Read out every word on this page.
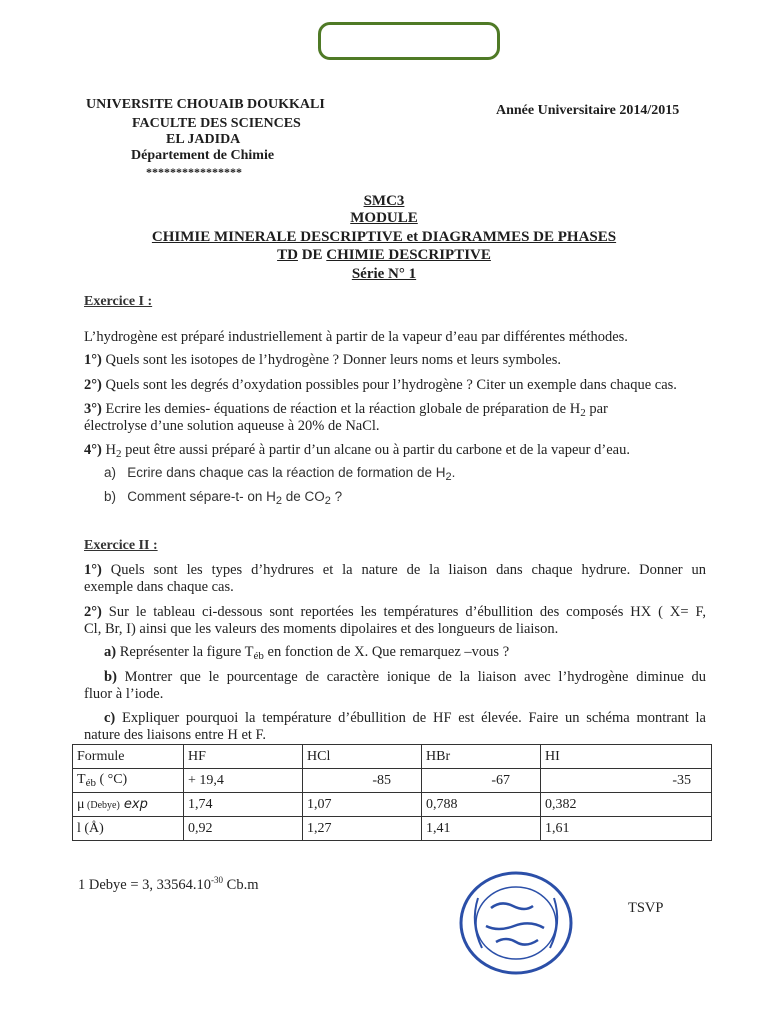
UNIVERSITE CHOUAIB DOUKKALI
FACULTE DES SCIENCES
EL JADIDA
Département de Chimie
****************
Année Universitaire 2014/2015
SMC3
MODULE
CHIMIE MINERALE DESCRIPTIVE et DIAGRAMMES DE PHASES
TD DE CHIMIE DESCRIPTIVE
Série N° 1
Exercice I :
L’hydrogène est préparé industriellement à partir de la vapeur d’eau par différentes méthodes.
1°) Quels sont les isotopes de l’hydrogène ? Donner leurs noms et leurs symboles.
2°) Quels sont les degrés d’oxydation possibles pour l’hydrogène ? Citer un exemple dans chaque cas.
3°) Ecrire les demies- équations de réaction et la réaction globale de préparation de $H_2$ par
électrolyse d’une solution aqueuse à 20% de NaCl.
4°) $H_2$ peut être aussi préparé à partir d’un alcane ou à partir du carbone et de la vapeur d’eau.
a) Ecrire dans chaque cas la réaction de formation de $H_2$.
b) Comment sépare-t- on $H_2$ de $CO_2$ ?
Exercice II :
1°) Quels sont les types d’hydrures et la nature de la liaison dans chaque hydrure. Donner un
exemple dans chaque cas.
2°) Sur le tableau ci-dessous sont reportées les températures d’ébullition des composés HX ( X= F,
Cl, Br, I) ainsi que les valeurs des moments dipolaires et des longueurs de liaison.
a) Représenter la figure $T_{éb}$ en fonction de X. Que remarquez –vous ?
b) Montrer que le pourcentage de caractère ionique de la liaison avec l’hydrogène diminue du
fluor à l’iode.
c) Expliquer pourquoi la température d’ébullition de HF est élevée. Faire un schéma montrant la
nature des liaisons entre H et F.
Formule	HF	HCl	HBr	HI
$T_{éb}$ ( °C)	+ 19,4	-85	-67	-35
μ (Debye) exp	1,74	1,07	0,788	0,382
l (Å)	0,92	1,27	1,41	1,61
1 Debye = 3, $33564.10^{-30}$ Cb.m
TSVP
